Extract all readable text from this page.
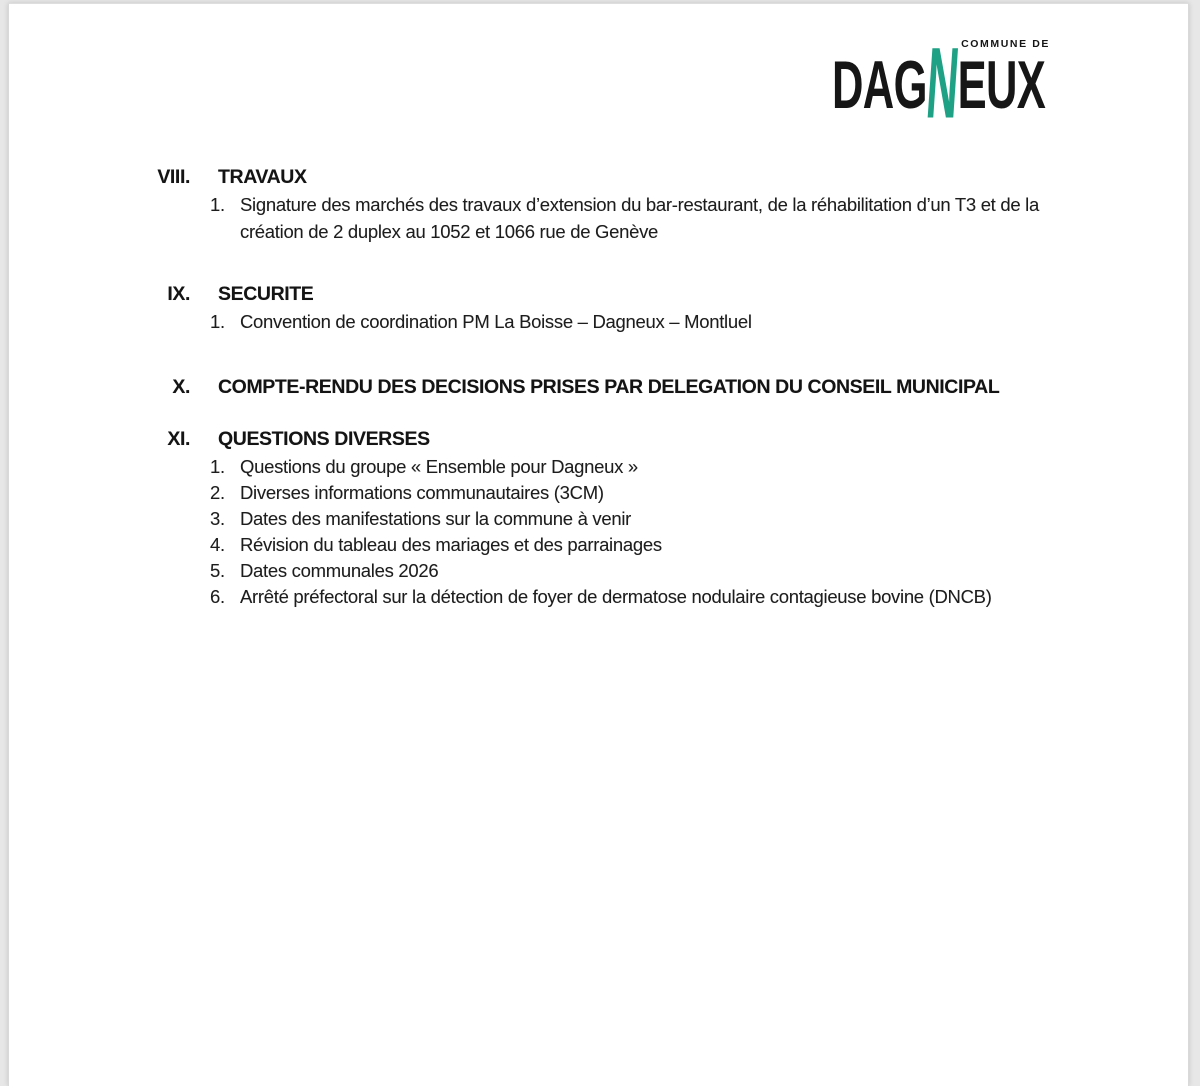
COMMUNE DE
DAGNEUX
VIII. TRAVAUX
1. Signature des marchés des travaux d’extension du bar-restaurant, de la réhabilitation d’un T3 et de la création de 2 duplex au 1052 et 1066 rue de Genève
IX. SECURITE
1. Convention de coordination PM La Boisse – Dagneux – Montluel
X. COMPTE-RENDU DES DECISIONS PRISES PAR DELEGATION DU CONSEIL MUNICIPAL
XI. QUESTIONS DIVERSES
1. Questions du groupe « Ensemble pour Dagneux »
2. Diverses informations communautaires (3CM)
3. Dates des manifestations sur la commune à venir
4. Révision du tableau des mariages et des parrainages
5. Dates communales 2026
6. Arrêté préfectoral sur la détection de foyer de dermatose nodulaire contagieuse bovine (DNCB)
